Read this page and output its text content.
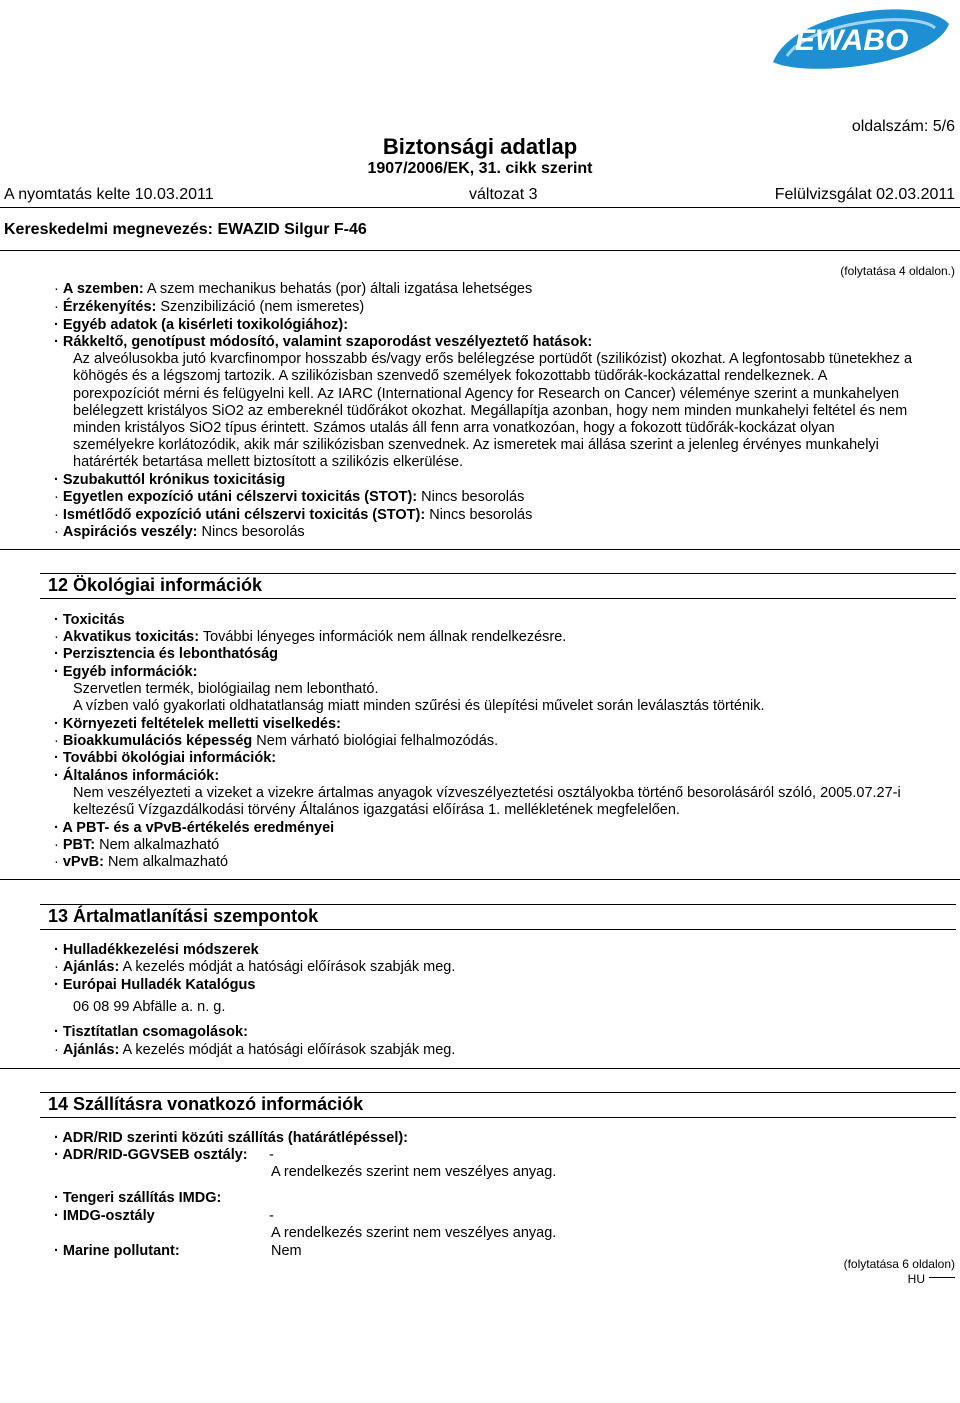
EWABO
oldalszám: 5/6
Biztonsági adatlap
1907/2006/EK, 31. cikk szerint
A nyomtatás kelte 10.03.2011	változat 3	Felülvizsgálat 02.03.2011
Kereskedelmi megnevezés: EWAZID Silgur F-46
(folytatása 4 oldalon.)
· A szemben: A szem mechanikus behatás (por) általi izgatása lehetséges
· Érzékenyítés: Szenzibilizáció (nem ismeretes)
· Egyéb adatok (a kisérleti toxikológiához):
· Rákkeltő, genotípust módosító, valamint szaporodást veszélyeztető hatások:
Az alveólusokba jutó kvarcfinompor hosszabb és/vagy erős belélegzése portüdőt (szilikózist) okozhat. A legfontosabb tünetekhez a
köhögés és a légszomj tartozik. A szilikózisban szenvedő személyek fokozottabb tüdőrák-kockázattal rendelkeznek. A
porexpozíciót mérni és felügyelni kell. Az IARC (International Agency for Research on Cancer) véleménye szerint a munkahelyen
belélegzett kristályos SiO2 az embereknél tüdőrákot okozhat. Megállapítja azonban, hogy nem minden munkahelyi feltétel és nem
minden kristályos SiO2 típus érintett. Számos utalás áll fenn arra vonatkozóan, hogy a fokozott tüdőrák-kockázat olyan
személyekre korlátozódik, akik már szilikózisban szenvednek. Az ismeretek mai állása szerint a jelenleg érvényes munkahelyi
határérték betartása mellett biztosított a szilikózis elkerülése.
· Szubakuttól krónikus toxicitásig
· Egyetlen expozíció utáni célszervi toxicitás (STOT): Nincs besorolás
· Ismétlődő expozíció utáni célszervi toxicitás (STOT): Nincs besorolás
· Aspirációs veszély: Nincs besorolás
12 Ökológiai információk
· Toxicitás
· Akvatikus toxicitás: További lényeges információk nem állnak rendelkezésre.
· Perzisztencia és lebonthatóság
· Egyéb információk:
Szervetlen termék, biológiailag nem lebontható.
A vízben való gyakorlati oldhatatlanság miatt minden szűrési és ülepítési művelet során leválasztás történik.
· Környezeti feltételek melletti viselkedés:
· Bioakkumulációs képesség Nem várható biológiai felhalmozódás.
· További ökológiai információk:
· Általános információk:
Nem veszélyezteti a vizeket a vizekre ártalmas anyagok vízveszélyeztetési osztályokba történő besorolásáról szóló, 2005.07.27-i
keltezésű Vízgazdálkodási törvény Általános igazgatási előírása 1. mellékletének megfelelően.
· A PBT- és a vPvB-értékelés eredményei
· PBT: Nem alkalmazható
· vPvB: Nem alkalmazható
13 Ártalmatlanítási szempontok
· Hulladékkezelési módszerek
· Ajánlás: A kezelés módját a hatósági előírások szabják meg.
· Európai Hulladék Katalógus
06 08 99 Abfälle a. n. g.
· Tisztítatlan csomagolások:
· Ajánlás: A kezelés módját a hatósági előírások szabják meg.
14 Szállításra vonatkozó információk
· ADR/RID szerinti közúti szállítás (határátlépéssel):
· ADR/RID-GGVSEB osztály: -
A rendelkezés szerint nem veszélyes anyag.
· Tengeri szállítás IMDG:
· IMDG-osztály	-
A rendelkezés szerint nem veszélyes anyag.
· Marine pollutant:	Nem
(folytatása 6 oldalon)
HU
